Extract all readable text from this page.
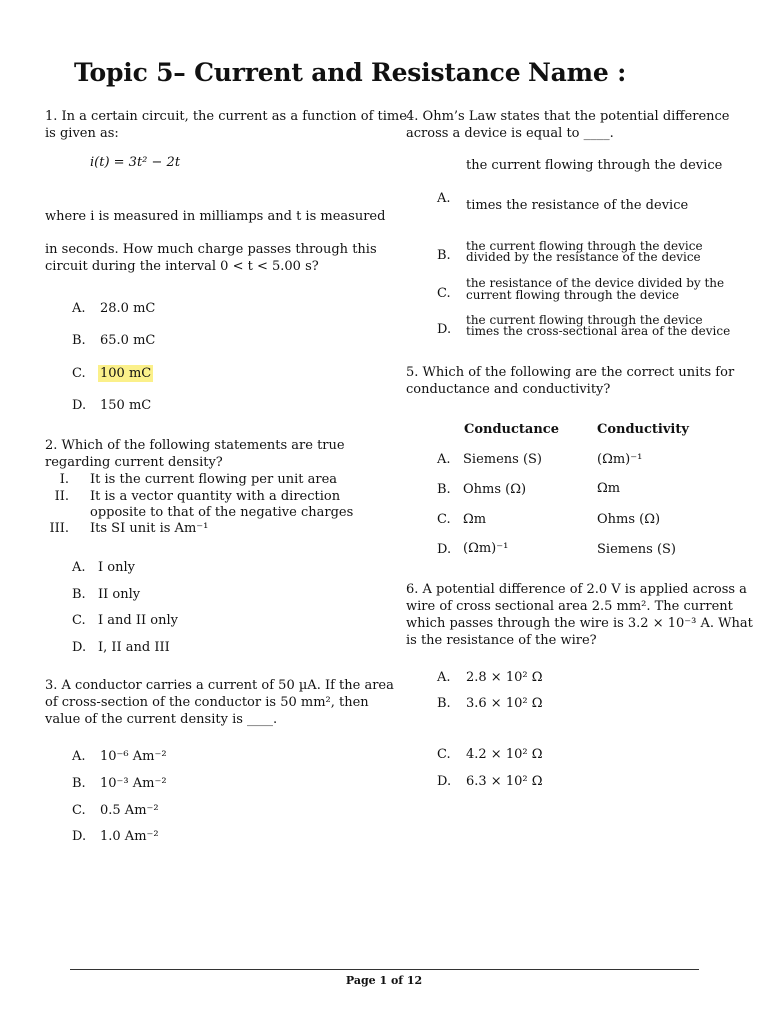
Topic 5– Current and Resistance Name :
1. In a certain circuit, the current as a function of time
is given as:
i(t) = 3t² − 2t
where i is measured in milliamps and t is measured
in seconds. How much charge passes through this
circuit during the interval 0 < t < 5.00 s?
A. 28.0 mC
B. 65.0 mC
C. 100 mC
D. 150 mC
2. Which of the following statements are true
regarding current density?
I. It is the current flowing per unit area
II. It is a vector quantity with a direction
opposite to that of the negative charges
III. Its SI unit is Am⁻¹
A. I only
B. II only
C. I and II only
D. I, II and III
3. A conductor carries a current of 50 µA. If the area
of cross-section of the conductor is 50 mm², then
value of the current density is ____.
A. 10⁻⁶ Am⁻²
B. 10⁻³ Am⁻²
C. 0.5 Am⁻²
D. 1.0 Am⁻²
4. Ohm’s Law states that the potential difference
across a device is equal to ____.
the current flowing through the device
A. times the resistance of the device
B.
the current flowing through the device
divided by the resistance of the device
C.
the resistance of the device divided by the
current flowing through the device
D.
the current flowing through the device
times the cross-sectional area of the device
5. Which of the following are the correct units for
conductance and conductivity?
Conductance	Conductivity
A. Siemens (S)	(Ωm)⁻¹
B. Ohms (Ω)	Ωm
C. Ωm	Ohms (Ω)
D. (Ωm)⁻¹	Siemens (S)
6. A potential difference of 2.0 V is applied across a
wire of cross sectional area 2.5 mm². The current
which passes through the wire is 3.2 × 10⁻³ A. What
is the resistance of the wire?
A. 2.8 × 10² Ω
B. 3.6 × 10² Ω
C. 4.2 × 10² Ω
D. 6.3 × 10² Ω
Page 1 of 12
